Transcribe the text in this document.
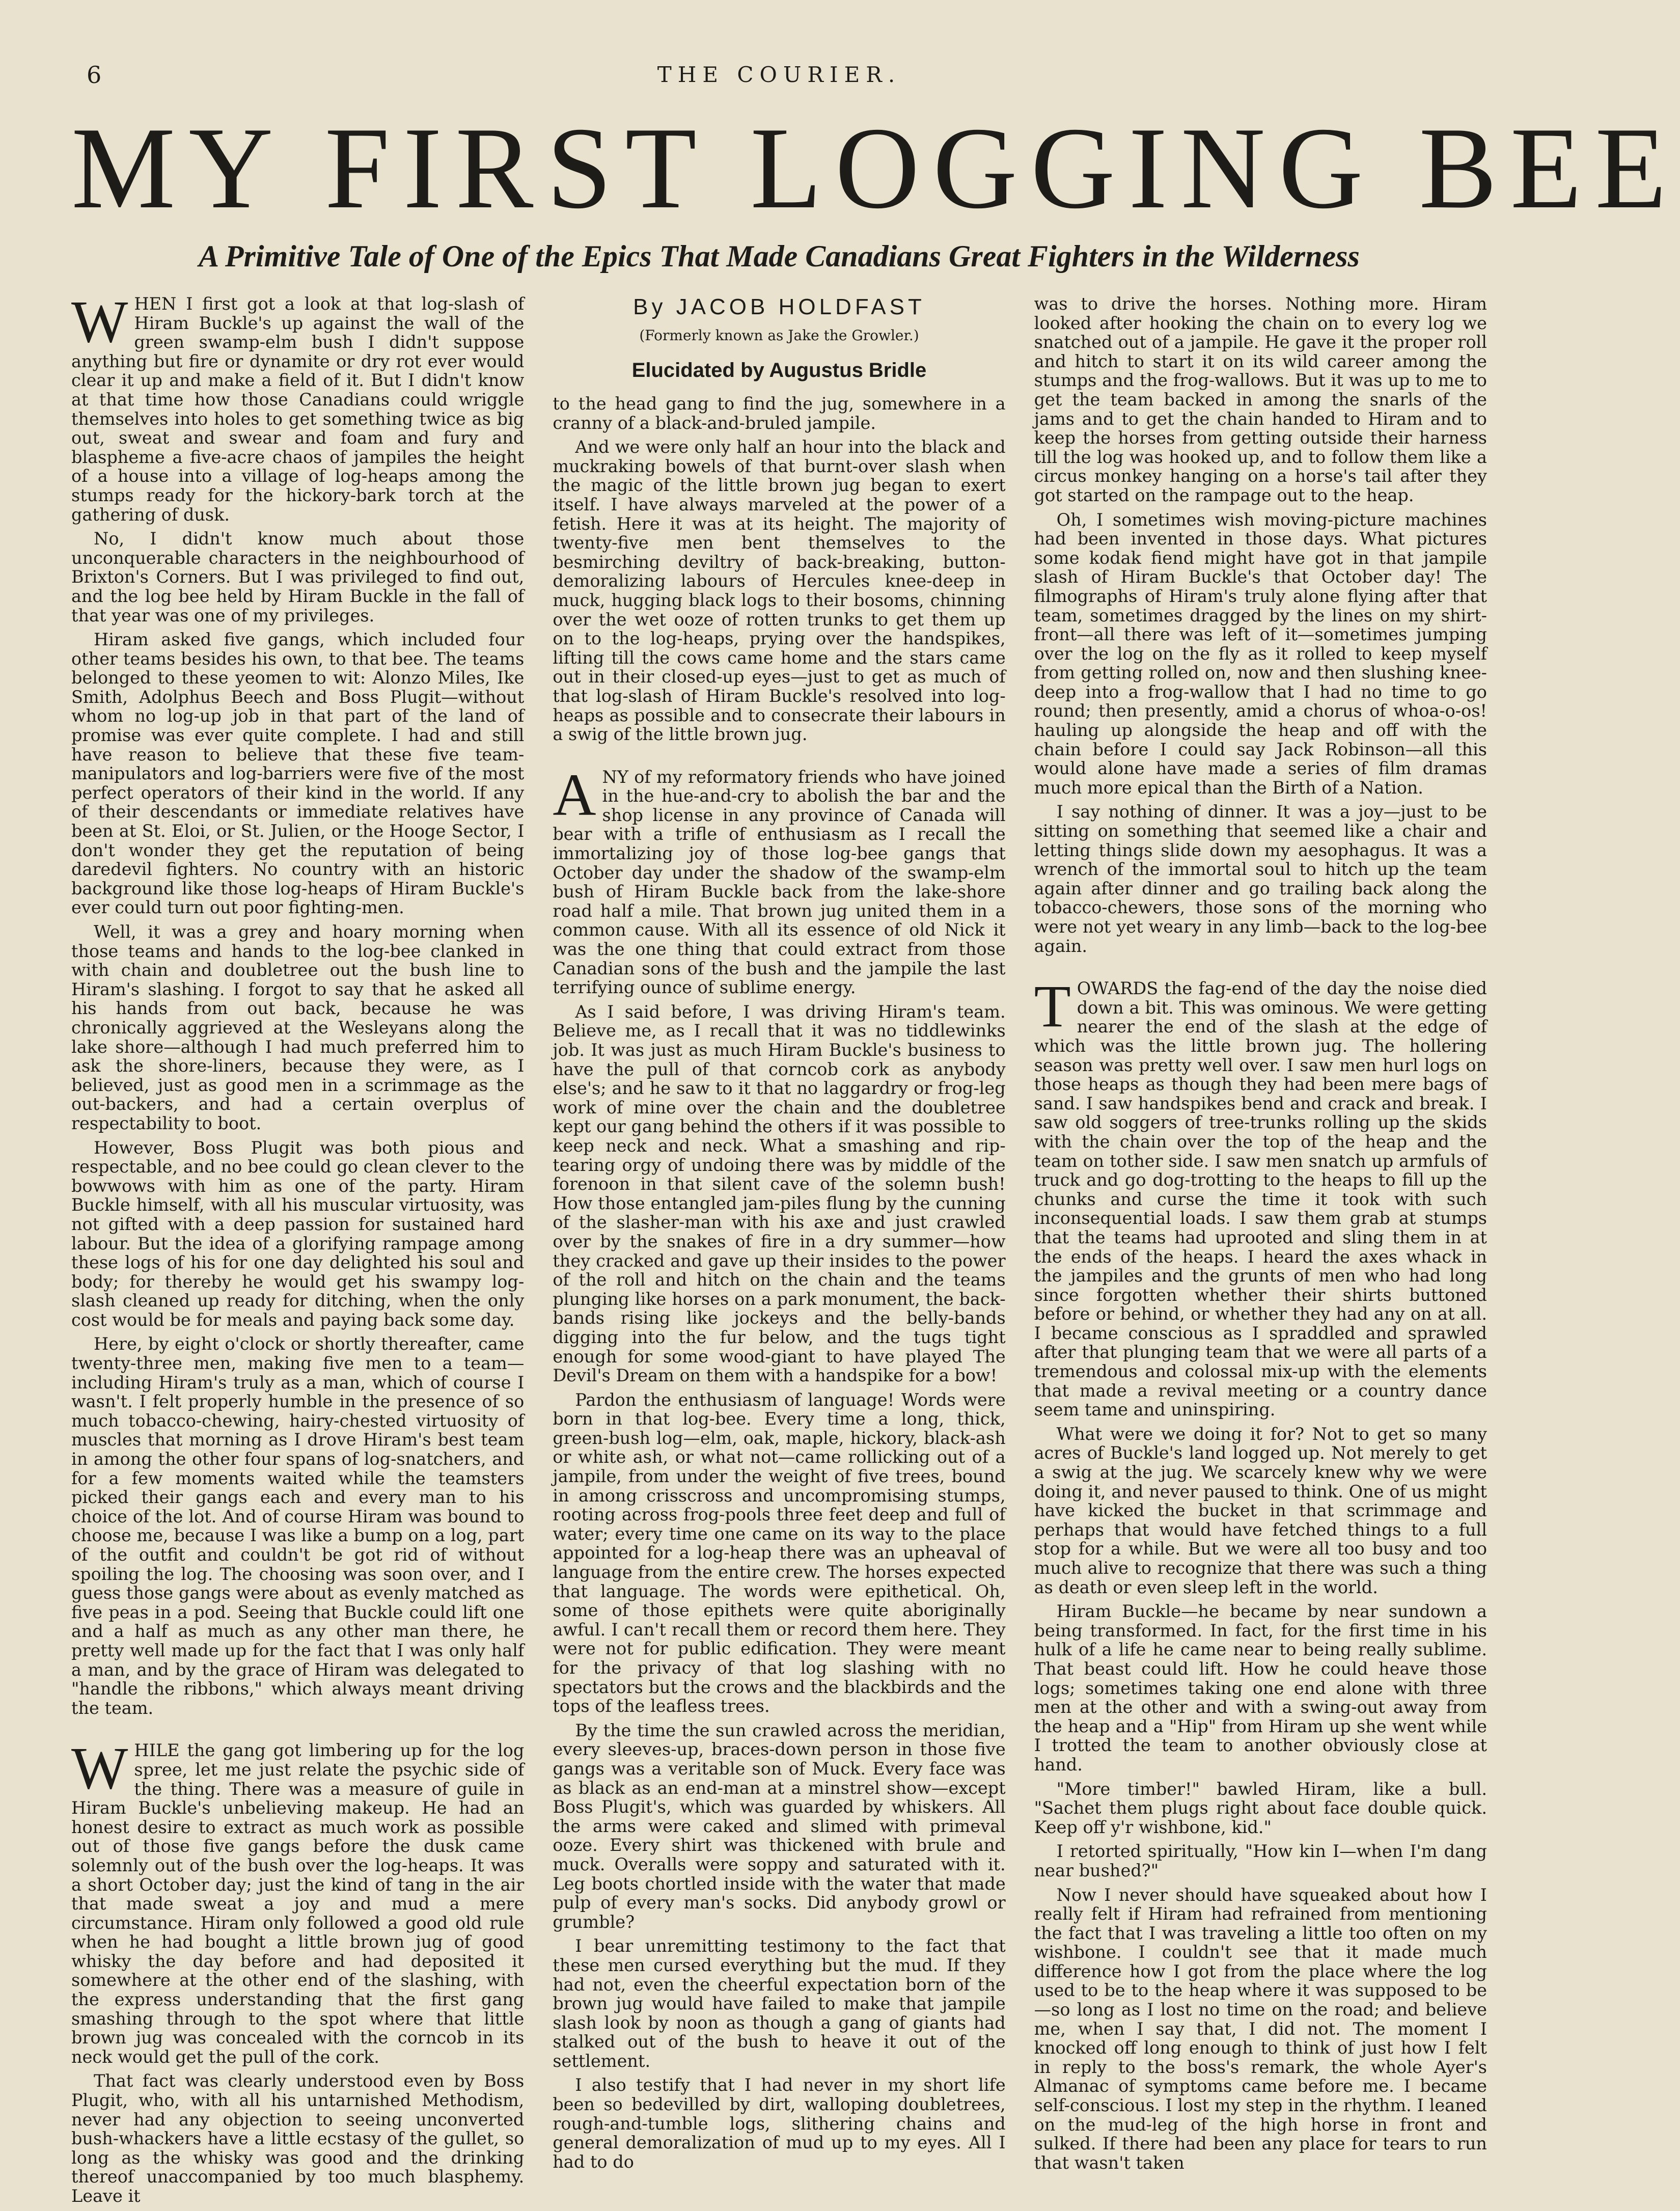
6	THE COURIER.
MY FIRST LOGGING BEE
A Primitive Tale of One of the Epics That Made Canadians Great Fighters in the Wilderness

WHEN I first got a look at that log-slash of Hiram Buckle's up against the wall of the green swamp-elm bush I didn't suppose anything but fire or dynamite or dry rot ever would clear it up and make a field of it. But I didn't know at that time how those Canadians could wriggle themselves into holes to get something twice as big out, sweat and swear and foam and fury and blaspheme a five-acre chaos of jampiles the height of a house into a village of log-heaps among the stumps ready for the hickory-bark torch at the gathering of dusk.

No, I didn't know much about those unconquerable characters in the neighbourhood of Brixton's Corners. But I was privileged to find out, and the log bee held by Hiram Buckle in the fall of that year was one of my privileges.

Hiram asked five gangs, which included four other teams besides his own, to that bee. The teams belonged to these yeomen to wit: Alonzo Miles, Ike Smith, Adolphus Beech and Boss Plugit—without whom no log-up job in that part of the land of promise was ever quite complete. I had and still have reason to believe that these five team-manipulators and log-barriers were five of the most perfect operators of their kind in the world. If any of their descendants or immediate relatives have been at St. Eloi, or St. Julien, or the Hooge Sector, I don't wonder they get the reputation of being daredevil fighters. No country with an historic background like those log-heaps of Hiram Buckle's ever could turn out poor fighting-men.

Well, it was a grey and hoary morning when those teams and hands to the log-bee clanked in with chain and doubletree out the bush line to Hiram's slashing. I forgot to say that he asked all his hands from out back, because he was chronically aggrieved at the Wesleyans along the lake shore—although I had much preferred him to ask the shore-liners, because they were, as I believed, just as good men in a scrimmage as the out-backers, and had a certain overplus of respectability to boot.

However, Boss Plugit was both pious and respectable, and no bee could go clean clever to the bowwows with him as one of the party. Hiram Buckle himself, with all his muscular virtuosity, was not gifted with a deep passion for sustained hard labour. But the idea of a glorifying rampage among these logs of his for one day delighted his soul and body; for thereby he would get his swampy log-slash cleaned up ready for ditching, when the only cost would be for meals and paying back some day.

Here, by eight o'clock or shortly thereafter, came twenty-three men, making five men to a team—including Hiram's truly as a man, which of course I wasn't. I felt properly humble in the presence of so much tobacco-chewing, hairy-chested virtuosity of muscles that morning as I drove Hiram's best team in among the other four spans of log-snatchers, and for a few moments waited while the teamsters picked their gangs each and every man to his choice of the lot. And of course Hiram was bound to choose me, because I was like a bump on a log, part of the outfit and couldn't be got rid of without spoiling the log. The choosing was soon over, and I guess those gangs were about as evenly matched as five peas in a pod. Seeing that Buckle could lift one and a half as much as any other man there, he pretty well made up for the fact that I was only half a man, and by the grace of Hiram was delegated to "handle the ribbons," which always meant driving the team.

WHILE the gang got limbering up for the log spree, let me just relate the psychic side of the thing. There was a measure of guile in Hiram Buckle's unbelieving makeup. He had an honest desire to extract as much work as possible out of those five gangs before the dusk came solemnly out of the bush over the log-heaps. It was a short October day; just the kind of tang in the air that made sweat a joy and mud a mere circumstance. Hiram only followed a good old rule when he had bought a little brown jug of good whisky the day before and had deposited it somewhere at the other end of the slashing, with the express understanding that the first gang smashing through to the spot where that little brown jug was concealed with the corncob in its neck would get the pull of the cork.

That fact was clearly understood even by Boss Plugit, who, with all his untarnished Methodism, never had any objection to seeing unconverted bush-whackers have a little ecstasy of the gullet, so long as the whisky was good and the drinking thereof unaccompanied by too much blasphemy. Leave it

By JACOB HOLDFAST
(Formerly known as Jake the Growler.)
Elucidated by Augustus Bridle

to the head gang to find the jug, somewhere in a cranny of a black-and-bruled jampile.

And we were only half an hour into the black and muckraking bowels of that burnt-over slash when the magic of the little brown jug began to exert itself. I have always marveled at the power of a fetish. Here it was at its height. The majority of twenty-five men bent themselves to the besmirching deviltry of back-breaking, button-demoralizing labours of Hercules knee-deep in muck, hugging black logs to their bosoms, chinning over the wet ooze of rotten trunks to get them up on to the log-heaps, prying over the handspikes, lifting till the cows came home and the stars came out in their closed-up eyes—just to get as much of that log-slash of Hiram Buckle's resolved into log-heaps as possible and to consecrate their labours in a swig of the little brown jug.

ANY of my reformatory friends who have joined in the hue-and-cry to abolish the bar and the shop license in any province of Canada will bear with a trifle of enthusiasm as I recall the immortalizing joy of those log-bee gangs that October day under the shadow of the swamp-elm bush of Hiram Buckle back from the lake-shore road half a mile. That brown jug united them in a common cause. With all its essence of old Nick it was the one thing that could extract from those Canadian sons of the bush and the jampile the last terrifying ounce of sublime energy.

As I said before, I was driving Hiram's team. Believe me, as I recall that it was no tiddlewinks job. It was just as much Hiram Buckle's business to have the pull of that corncob cork as anybody else's; and he saw to it that no laggardry or frog-leg work of mine over the chain and the doubletree kept our gang behind the others if it was possible to keep neck and neck. What a smashing and rip-tearing orgy of undoing there was by middle of the forenoon in that silent cave of the solemn bush! How those entangled jam-piles flung by the cunning of the slasher-man with his axe and just crawled over by the snakes of fire in a dry summer—how they cracked and gave up their insides to the power of the roll and hitch on the chain and the teams plunging like horses on a park monument, the back-bands rising like jockeys and the belly-bands digging into the fur below, and the tugs tight enough for some wood-giant to have played The Devil's Dream on them with a handspike for a bow!

Pardon the enthusiasm of language! Words were born in that log-bee. Every time a long, thick, green-bush log—elm, oak, maple, hickory, black-ash or white ash, or what not—came rollicking out of a jampile, from under the weight of five trees, bound in among crisscross and uncompromising stumps, rooting across frog-pools three feet deep and full of water; every time one came on its way to the place appointed for a log-heap there was an upheaval of language from the entire crew. The horses expected that language. The words were epithetical. Oh, some of those epithets were quite aboriginally awful. I can't recall them or record them here. They were not for public edification. They were meant for the privacy of that log slashing with no spectators but the crows and the blackbirds and the tops of the leafless trees.

By the time the sun crawled across the meridian, every sleeves-up, braces-down person in those five gangs was a veritable son of Muck. Every face was as black as an end-man at a minstrel show—except Boss Plugit's, which was guarded by whiskers. All the arms were caked and slimed with primeval ooze. Every shirt was thickened with brule and muck. Overalls were soppy and saturated with it. Leg boots chortled inside with the water that made pulp of every man's socks. Did anybody growl or grumble?

I bear unremitting testimony to the fact that these men cursed everything but the mud. If they had not, even the cheerful expectation born of the brown jug would have failed to make that jampile slash look by noon as though a gang of giants had stalked out of the bush to heave it out of the settlement.

I also testify that I had never in my short life been so bedevilled by dirt, walloping doubletrees, rough-and-tumble logs, slithering chains and general demoralization of mud up to my eyes. All I had to do

was to drive the horses. Nothing more. Hiram looked after hooking the chain on to every log we snatched out of a jampile. He gave it the proper roll and hitch to start it on its wild career among the stumps and the frog-wallows. But it was up to me to get the team backed in among the snarls of the jams and to get the chain handed to Hiram and to keep the horses from getting outside their harness till the log was hooked up, and to follow them like a circus monkey hanging on a horse's tail after they got started on the rampage out to the heap.

Oh, I sometimes wish moving-picture machines had been invented in those days. What pictures some kodak fiend might have got in that jampile slash of Hiram Buckle's that October day! The filmographs of Hiram's truly alone flying after that team, sometimes dragged by the lines on my shirt-front—all there was left of it—sometimes jumping over the log on the fly as it rolled to keep myself from getting rolled on, now and then slushing knee-deep into a frog-wallow that I had no time to go round; then presently, amid a chorus of whoa-o-os! hauling up alongside the heap and off with the chain before I could say Jack Robinson—all this would alone have made a series of film dramas much more epical than the Birth of a Nation.

I say nothing of dinner. It was a joy—just to be sitting on something that seemed like a chair and letting things slide down my aesophagus. It was a wrench of the immortal soul to hitch up the team again after dinner and go trailing back along the tobacco-chewers, those sons of the morning who were not yet weary in any limb—back to the log-bee again.

TOWARDS the fag-end of the day the noise died down a bit. This was ominous. We were getting nearer the end of the slash at the edge of which was the little brown jug. The hollering season was pretty well over. I saw men hurl logs on those heaps as though they had been mere bags of sand. I saw handspikes bend and crack and break. I saw old soggers of tree-trunks rolling up the skids with the chain over the top of the heap and the team on tother side. I saw men snatch up armfuls of truck and go dog-trotting to the heaps to fill up the chunks and curse the time it took with such inconsequential loads. I saw them grab at stumps that the teams had uprooted and sling them in at the ends of the heaps. I heard the axes whack in the jampiles and the grunts of men who had long since forgotten whether their shirts buttoned before or behind, or whether they had any on at all. I became conscious as I spraddled and sprawled after that plunging team that we were all parts of a tremendous and colossal mix-up with the elements that made a revival meeting or a country dance seem tame and uninspiring.

What were we doing it for? Not to get so many acres of Buckle's land logged up. Not merely to get a swig at the jug. We scarcely knew why we were doing it, and never paused to think. One of us might have kicked the bucket in that scrimmage and perhaps that would have fetched things to a full stop for a while. But we were all too busy and too much alive to recognize that there was such a thing as death or even sleep left in the world.

Hiram Buckle—he became by near sundown a being transformed. In fact, for the first time in his hulk of a life he came near to being really sublime. That beast could lift. How he could heave those logs; sometimes taking one end alone with three men at the other and with a swing-out away from the heap and a "Hip" from Hiram up she went while I trotted the team to another obviously close at hand.

"More timber!" bawled Hiram, like a bull. "Sachet them plugs right about face double quick. Keep off y'r wishbone, kid."

I retorted spiritually, "How kin I—when I'm dang near bushed?"

Now I never should have squeaked about how I really felt if Hiram had refrained from mentioning the fact that I was traveling a little too often on my wishbone. I couldn't see that it made much difference how I got from the place where the log used to be to the heap where it was supposed to be—so long as I lost no time on the road; and believe me, when I say that, I did not. The moment I knocked off long enough to think of just how I felt in reply to the boss's remark, the whole Ayer's Almanac of symptoms came before me. I became self-conscious. I lost my step in the rhythm. I leaned on the mud-leg of the high horse in front and sulked. If there had been any place for tears to run that wasn't taken
